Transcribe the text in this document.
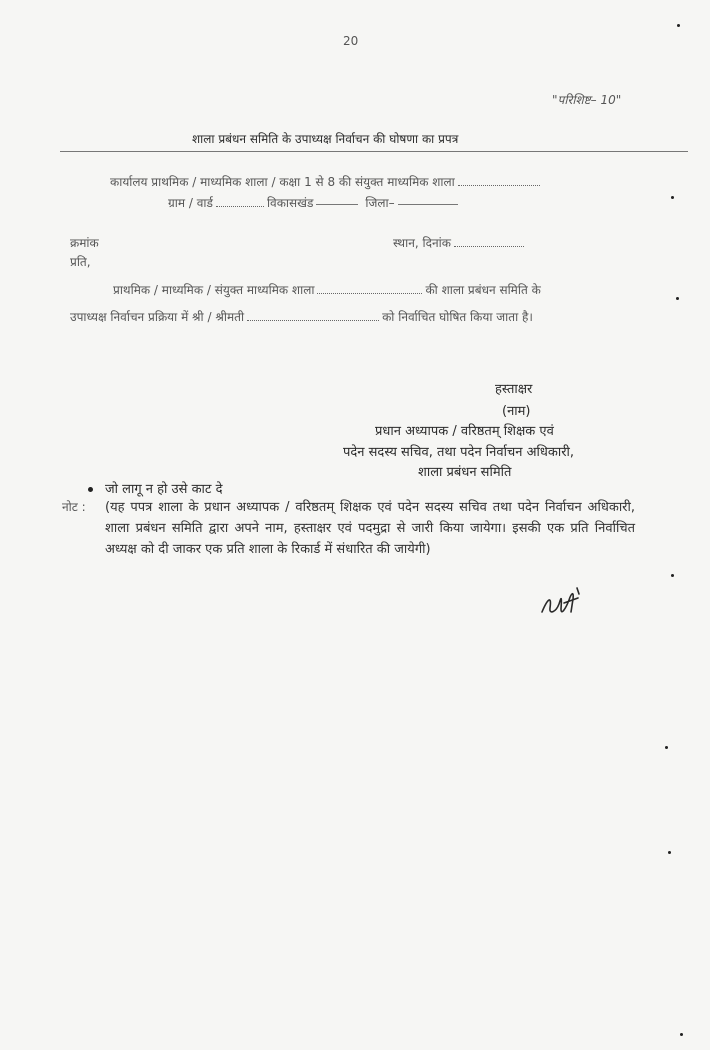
20
"परिशिष्ट– 10"
शाला प्रबंधन समिति के उपाध्यक्ष निर्वाचन की घोषणा का प्रपत्र
कार्यालय प्राथमिक / माध्यमिक शाला / कक्षा 1 से 8 की संयुक्त माध्यमिक शाला
ग्राम / वार्ड	विकासखंड	जिला–
क्रमांक	स्थान, दिनांक
प्रति,
प्राथमिक / माध्यमिक / संयुक्त माध्यमिक शाला	की शाला प्रबंधन समिति के
उपाध्यक्ष निर्वाचन प्रक्रिया में श्री / श्रीमती	को निर्वाचित घोषित किया जाता है।
हस्ताक्षर
(नाम)
प्रधान अध्यापक / वरिष्ठतम् शिक्षक एवं
पदेन सदस्य सचिव, तथा पदेन निर्वाचन अधिकारी,
शाला प्रबंधन समिति
जो लागू न हो उसे काट दे
नोट : (यह पपत्र शाला के प्रधान अध्यापक / वरिष्ठतम् शिक्षक एवं पदेन सदस्य सचिव तथा पदेन निर्वाचन अधिकारी, शाला प्रबंधन समिति द्वारा अपने नाम, हस्ताक्षर एवं पदमुद्रा से जारी किया जायेगा। इसकी एक प्रति निर्वाचित अध्यक्ष को दी जाकर एक प्रति शाला के रिकार्ड में संधारित की जायेगी)
